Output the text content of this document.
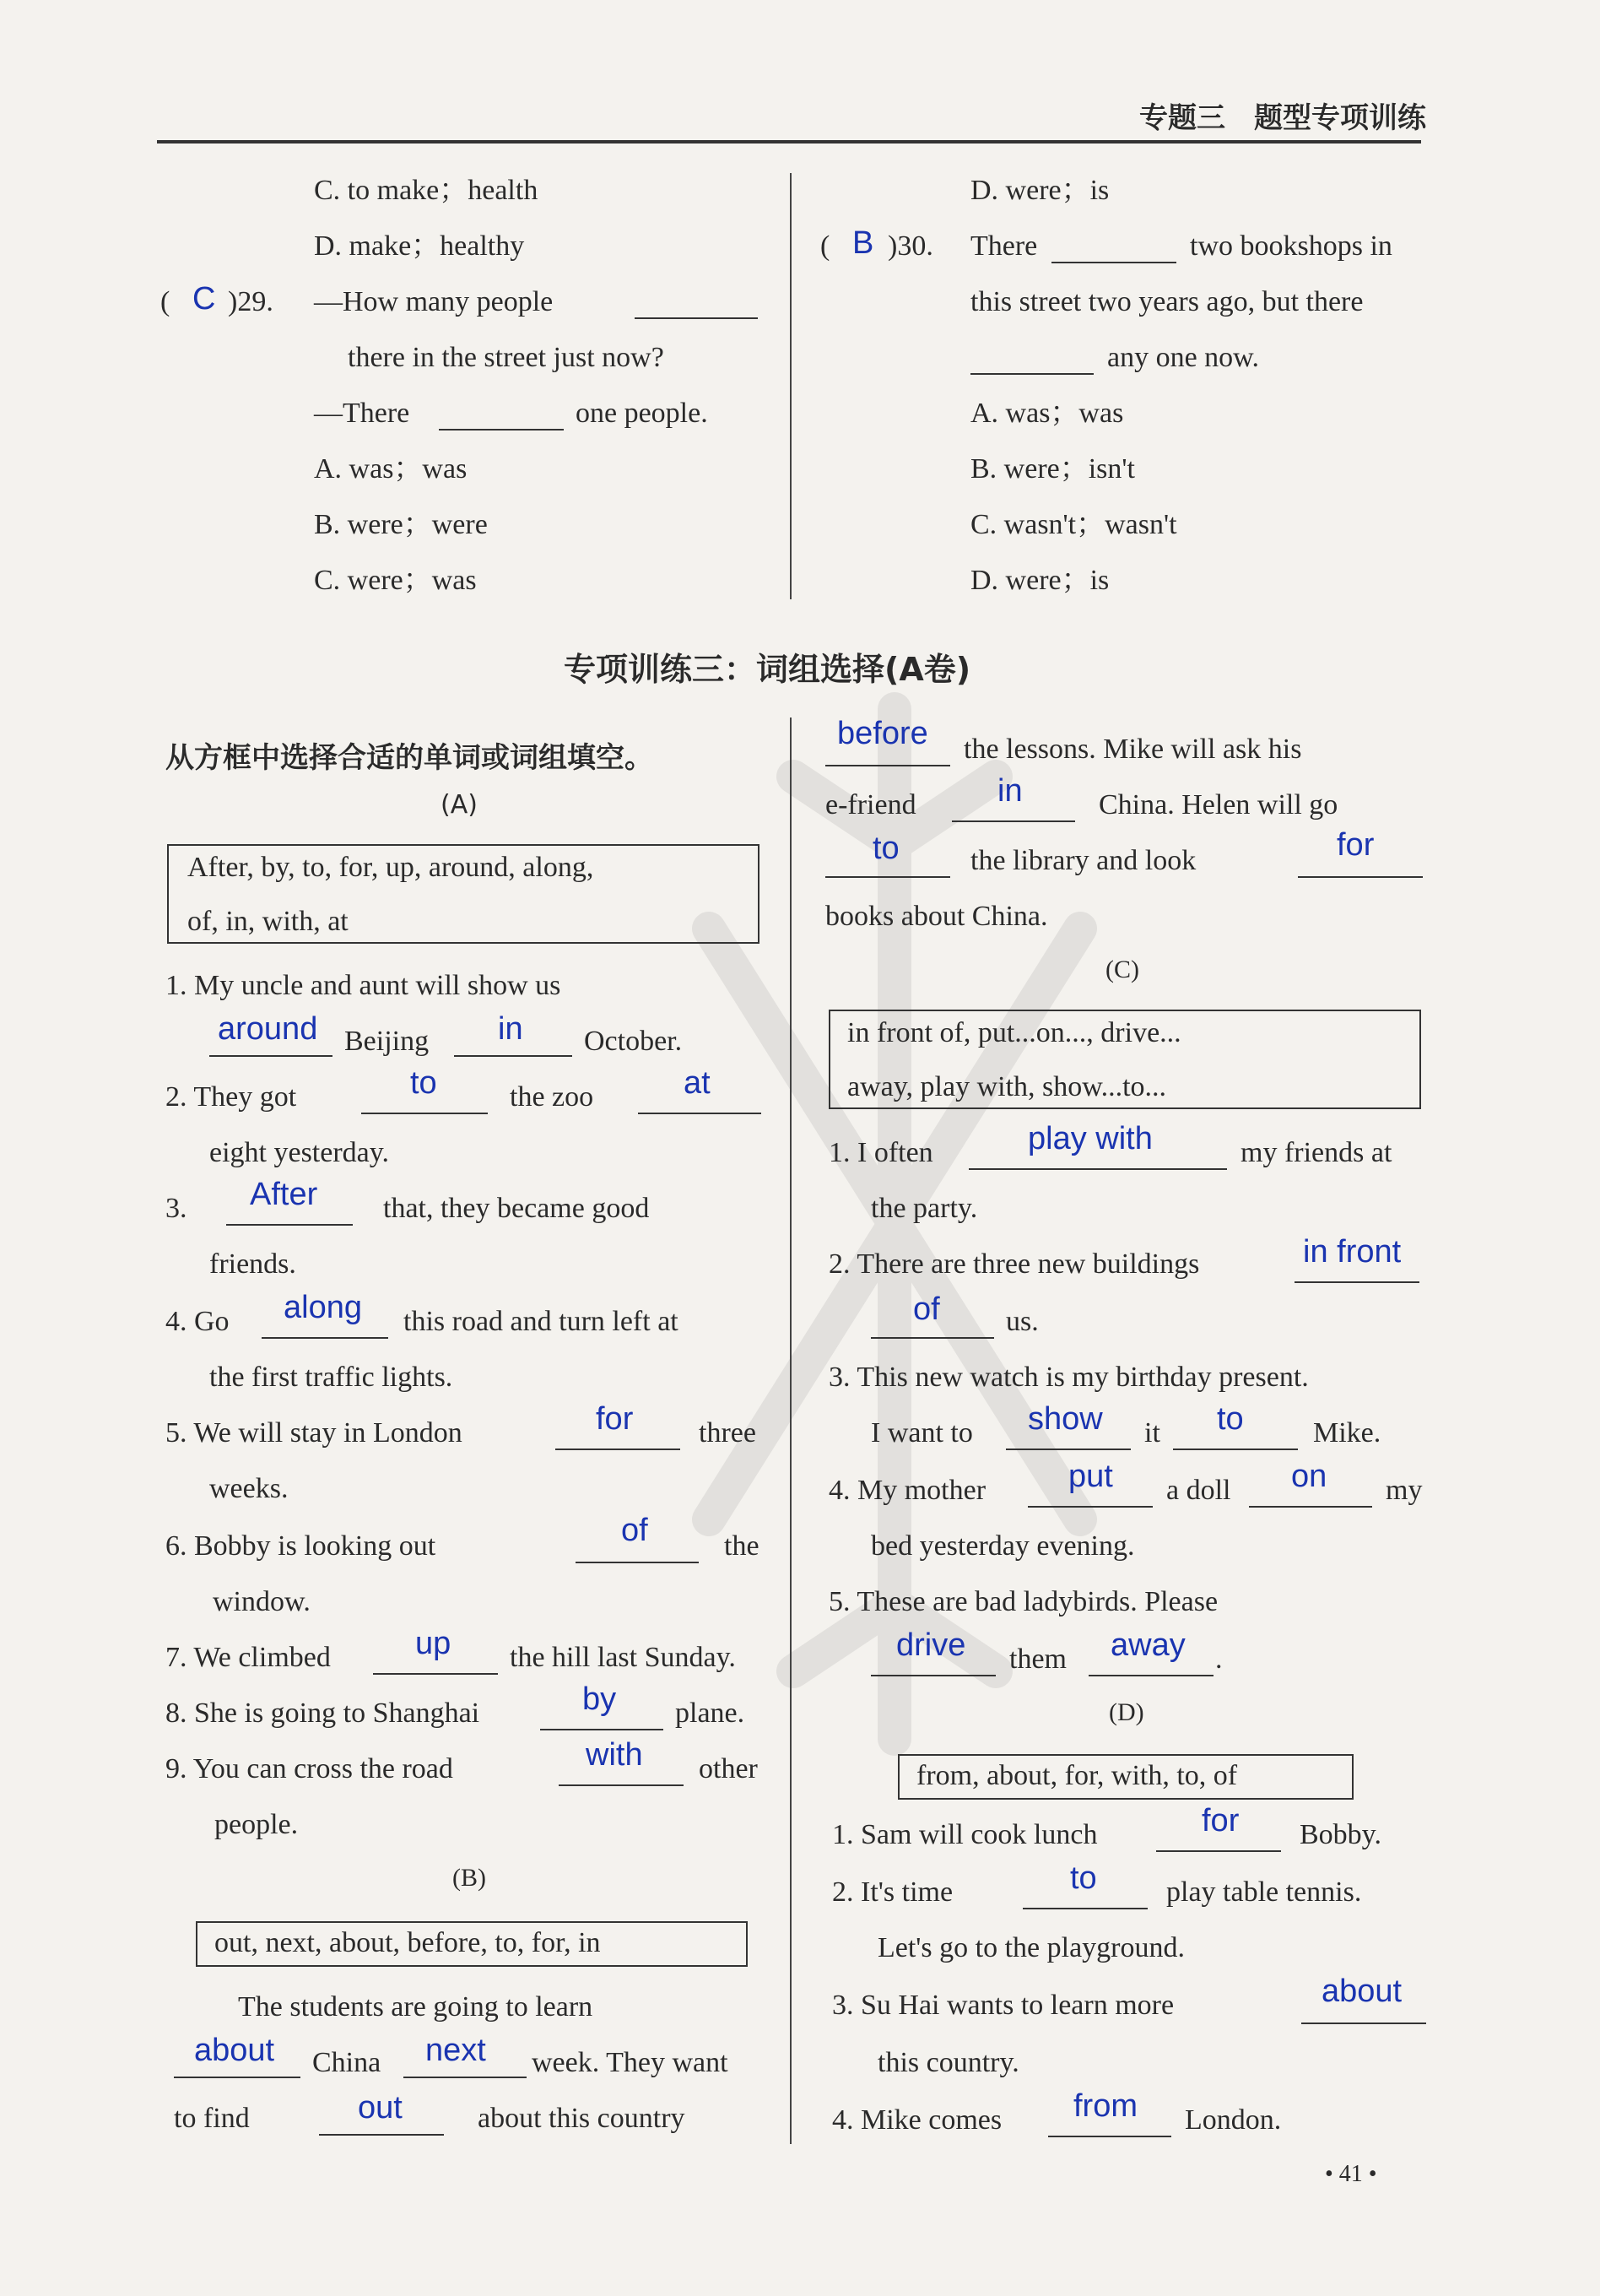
专题三　题型专项训练
C. to make；health
D. make；healthy
( C )29. —How many people
there in the street just now?
—There	one people.
A. was；was
B. were；were
C. were；was
D. were；is
( B )30. There	two bookshops in
this street two years ago, but there
any one now.
A. was；was
B. were；isn't
C. wasn't；wasn't
D. were；is
专项训练三：词组选择(A卷)
从方框中选择合适的单词或词组填空。
(A)
After, by, to, for, up, around, along,
of, in, with, at
1. My uncle and aunt will show us
around Beijing in October.
2. They got	to	the zoo	at
eight yesterday.
3. After that, they became good
friends.
4. Go along this road and turn left at
the first traffic lights.
5. We will stay in London	for three
weeks.
6. Bobby is looking out	of	the
window.
7. We climbed	up the hill last Sunday.
8. She is going to Shanghai	by plane.
9. You can cross the road	with other
people.
(B)
out, next, about, before, to, for, in
The students are going to learn
about China next week. They want
to find	out	about this country
before the lessons. Mike will ask his
e-friend	in	China. Helen will go
to the library and look	for
books about China.
(C)
in front of, put...on..., drive...
away, play with, show...to...
1. I often	play with	my friends at
the party.
2. There are three new buildings	in front
of us.
3. This new watch is my birthday present.
I want to show it to Mike.
4. My mother	put a doll on my
bed yesterday evening.
5. These are bad ladybirds. Please
drive them away .
(D)
from, about, for, with, to, of
1. Sam will cook lunch	for Bobby.
2. It's time	to play table tennis.
Let's go to the playground.
3. Su Hai wants to learn more	about
this country.
4. Mike comes from London.
• 41 •
